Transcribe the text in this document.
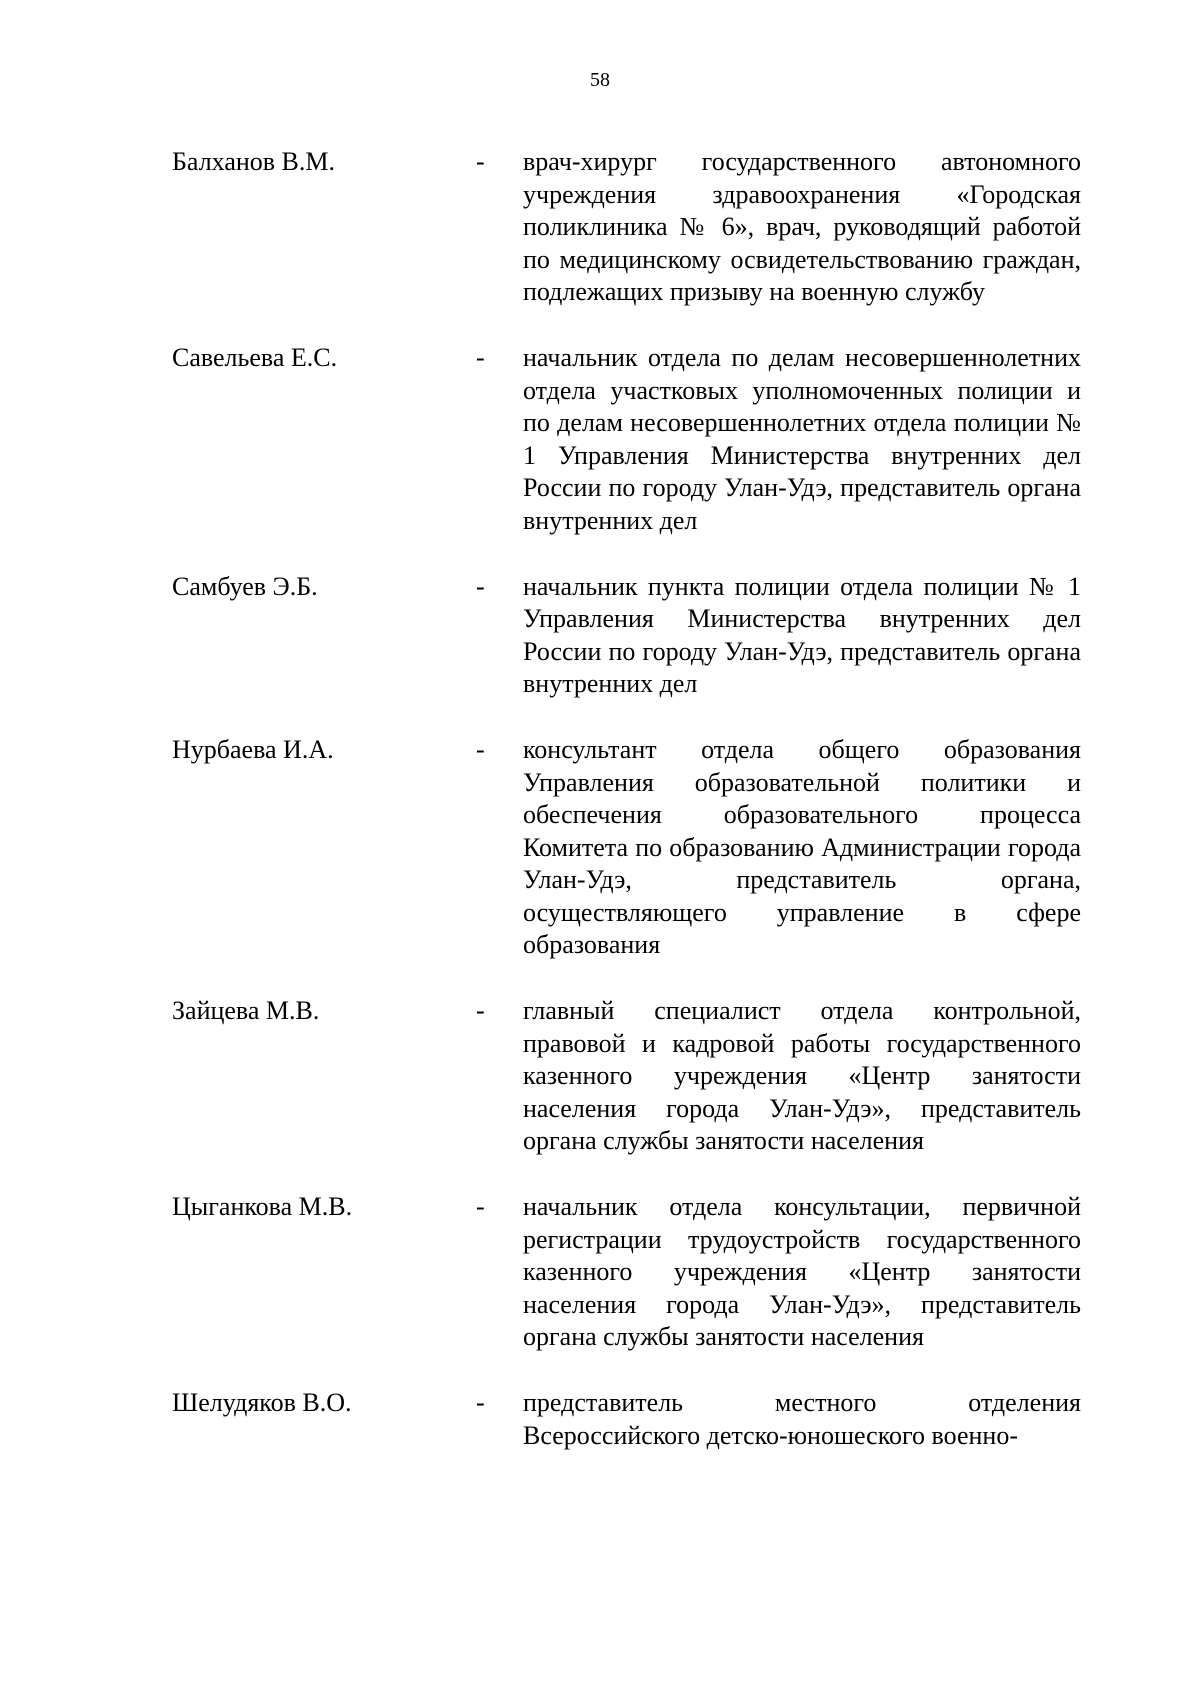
58
Балханов В.М.	- врач-хирург государственного автономного учреждения здравоохранения «Городская поликлиника № 6», врач, руководящий работой по медицинскому освидетельствованию граждан, подлежащих призыву на военную службу
Савельева Е.С.	- начальник отдела по делам несовершеннолетних отдела участковых уполномоченных полиции и по делам несовершеннолетних отдела полиции № 1 Управления Министерства внутренних дел России по городу Улан-Удэ, представитель органа внутренних дел
Самбуев Э.Б.	- начальник пункта полиции отдела полиции № 1 Управления Министерства внутренних дел России по городу Улан-Удэ, представитель органа внутренних дел
Нурбаева И.А.	- консультант отдела общего образования Управления образовательной политики и обеспечения образовательного процесса Комитета по образованию Администрации города Улан-Удэ, представитель органа, осуществляющего управление в сфере образования
Зайцева М.В.	- главный специалист отдела контрольной, правовой и кадровой работы государственного казенного учреждения «Центр занятости населения города Улан-Удэ», представитель органа службы занятости населения
Цыганкова М.В.	- начальник отдела консультации, первичной регистрации трудоустройств государственного казенного учреждения «Центр занятости населения города Улан-Удэ», представитель органа службы занятости населения
Шелудяков В.О.	- представитель местного отделения Всероссийского детско-юношеского военно-
